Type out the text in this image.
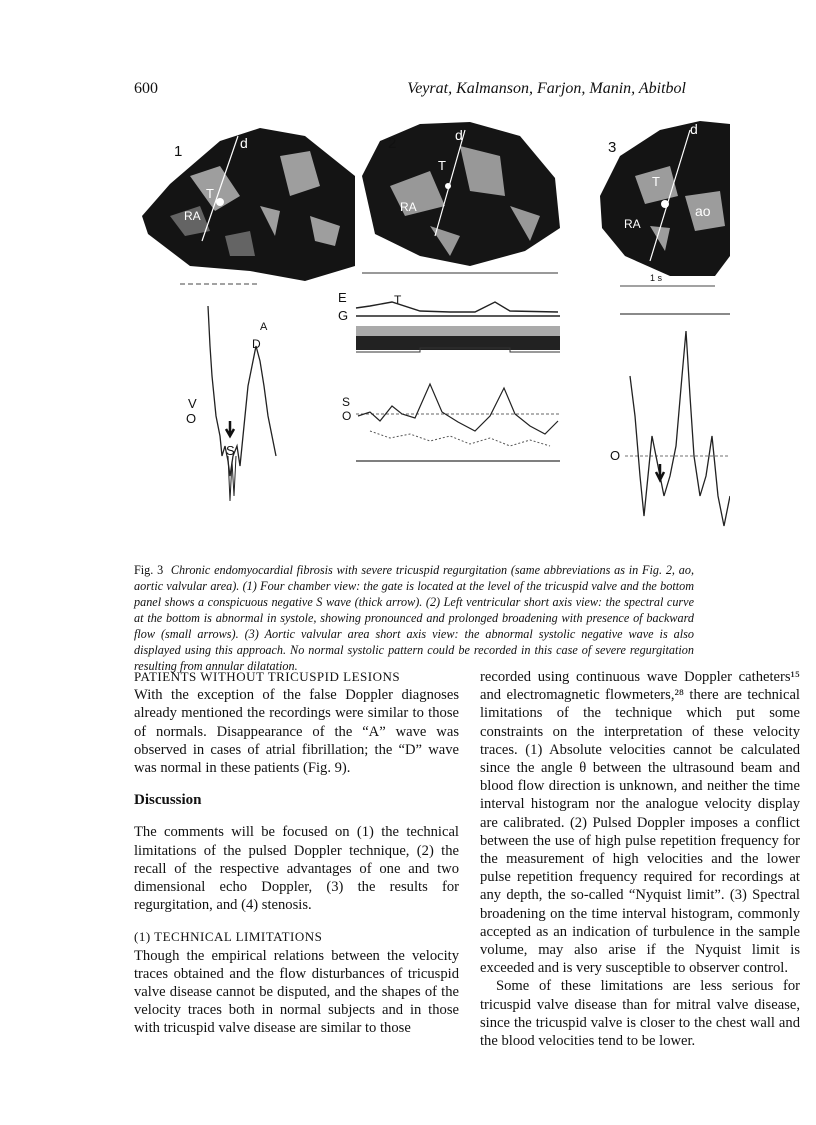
600	Veyrat, Kalmanson, Farjon, Manin, Abitbol
1	d
T
RA
2	d
T
RA
3
d
T
RA
ao
A
D
V
O
S
E	T
G
S
O
1 s
O
Fig. 3 Chronic endomyocardial fibrosis with severe tricuspid regurgitation (same abbreviations as in Fig. 2, ao, aortic valvular area). (1) Four chamber view: the gate is located at the level of the tricuspid valve and the bottom panel shows a conspicuous negative S wave (thick arrow). (2) Left ventricular short axis view: the spectral curve at the bottom is abnormal in systole, showing pronounced and prolonged broadening with presence of backward flow (small arrows). (3) Aortic valvular area short axis view: the abnormal systolic negative wave is also displayed using this approach. No normal systolic pattern could be recorded in this case of severe regurgitation resulting from annular dilatation.

PATIENTS WITHOUT TRICUSPID LESIONS

With the exception of the false Doppler diagnoses already mentioned the recordings were similar to those of normals. Disappearance of the “A” wave was observed in cases of atrial fibrillation; the “D” wave was normal in these patients (Fig. 9).

Discussion

The comments will be focused on (1) the technical limitations of the pulsed Doppler technique, (2) the recall of the respective advantages of one and two dimensional echo Doppler, (3) the results for regurgitation, and (4) stenosis.

(1) TECHNICAL LIMITATIONS

Though the empirical relations between the velocity traces obtained and the flow disturbances of tricuspid valve disease cannot be disputed, and the shapes of the velocity traces both in normal subjects and in those with tricuspid valve disease are similar to those

recorded using continuous wave Doppler catheters¹⁵ and electromagnetic flowmeters,²⁸ there are technical limitations of the technique which put some constraints on the interpretation of these velocity traces. (1) Absolute velocities cannot be calculated since the angle θ between the ultrasound beam and blood flow direction is unknown, and neither the time interval histogram nor the analogue velocity display are calibrated. (2) Pulsed Doppler imposes a conflict between the use of high pulse repetition frequency for the measurement of high velocities and the lower pulse repetition frequency required for recordings at any depth, the so-called “Nyquist limit”. (3) Spectral broadening on the time interval histogram, commonly accepted as an indication of turbulence in the sample volume, may also arise if the Nyquist limit is exceeded and is very susceptible to observer control.

Some of these limitations are less serious for tricuspid valve disease than for mitral valve disease, since the tricuspid valve is closer to the chest wall and the blood velocities tend to be lower.
